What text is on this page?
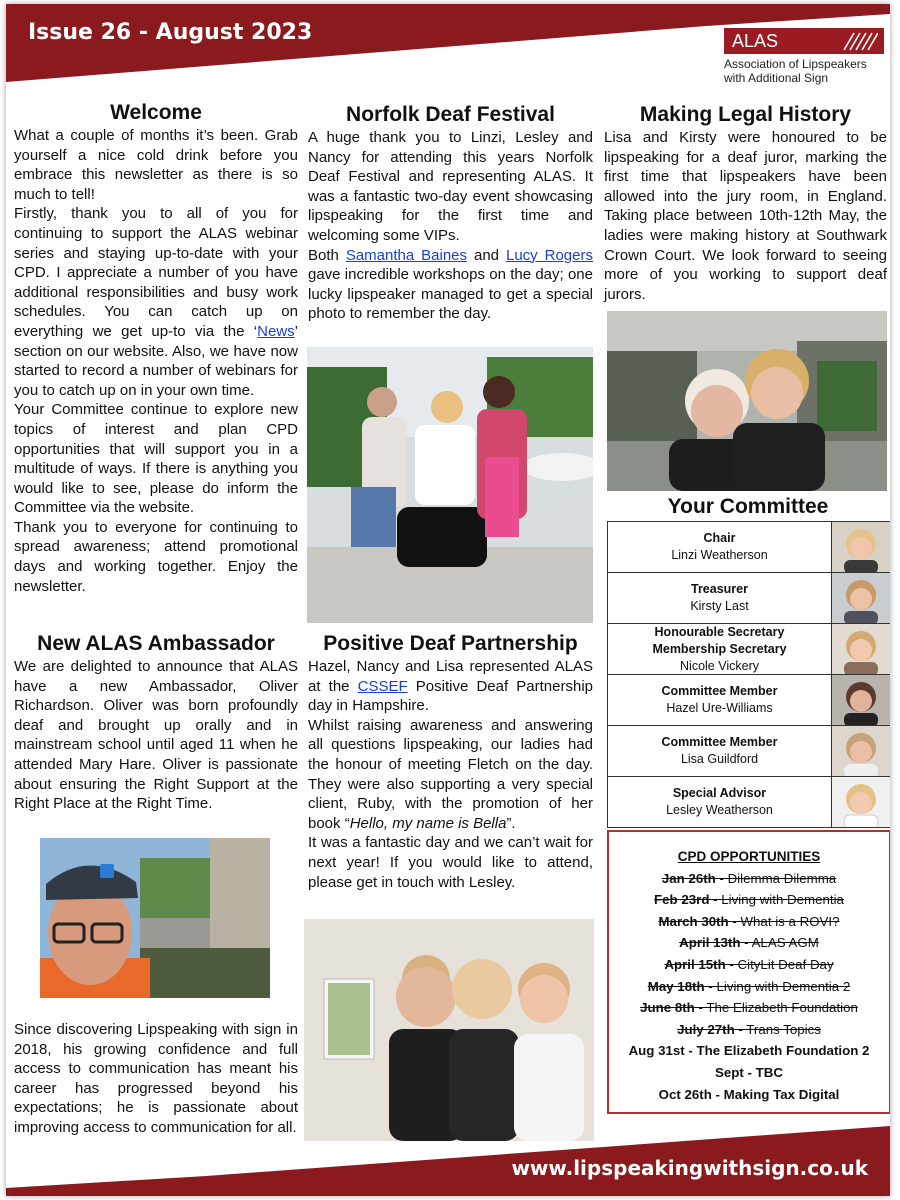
Issue 26 - August 2023	ALAS
Association of Lipspeakers with Additional Sign
Welcome

What a couple of months it’s been. Grab yourself a nice cold drink before you embrace this newsletter as there is so much to tell!

Firstly, thank you to all of you for continuing to support the ALAS webinar series and staying up-to-date with your CPD. I appreciate a number of you have additional responsibilities and busy work schedules. You can catch up on everything we get up-to via the ‘News’ section on our website. Also, we have now started to record a number of webinars for you to catch up on in your own time.

Your Committee continue to explore new topics of interest and plan CPD opportunities that will support you in a multitude of ways. If there is anything you would like to see, please do inform the Committee via the website.

Thank you to everyone for continuing to spread awareness; attend promotional days and working together. Enjoy the newsletter.

New ALAS Ambassador

We are delighted to announce that ALAS have a new Ambassador, Oliver Richardson. Oliver was born profoundly deaf and brought up orally and in mainstream school until aged 11 when he attended Mary Hare. Oliver is passionate about ensuring the Right Support at the Right Place at the Right Time.

Since discovering Lipspeaking with sign in 2018, his growing confidence and full access to communication has meant his career has progressed beyond his expectations; he is passionate about improving access to communication for all.

Norfolk Deaf Festival

A huge thank you to Linzi, Lesley and Nancy for attending this years Norfolk Deaf Festival and representing ALAS. It was a fantastic two-day event showcasing lipspeaking for the first time and welcoming some VIPs.

Both Samantha Baines and Lucy Rogers gave incredible workshops on the day; one lucky lipspeaker managed to get a special photo to remember the day.

Positive Deaf Partnership

Hazel, Nancy and Lisa represented ALAS at the CSSEF Positive Deaf Partnership day in Hampshire.

Whilst raising awareness and answering all questions lipspeaking, our ladies had the honour of meeting Fletch on the day. They were also supporting a very special client, Ruby, with the promotion of her book “Hello, my name is Bella”.

It was a fantastic day and we can’t wait for next year! If you would like to attend, please get in touch with Lesley.

Making Legal History

Lisa and Kirsty were honoured to be lipspeaking for a deaf juror, marking the first time that lipspeakers have been allowed into the jury room, in England. Taking place between 10th-12th May, the ladies were making history at Southwark Crown Court. We look forward to seeing more of you working to support deaf jurors.

Your Committee
Chair
Linzi Weatherson
Treasurer
Kirsty Last
Honourable Secretary
Membership Secretary
Nicole Vickery
Committee Member
Hazel Ure-Williams
Committee Member
Lisa Guildford
Special Advisor
Lesley Weatherson
CPD OPPORTUNITIES
Jan 26th - Dilemma Dilemma
Feb 23rd - Living with Dementia
March 30th - What is a ROVI?
April 13th - ALAS AGM
April 15th - CityLit Deaf Day
May 18th - Living with Dementia 2
June 8th - The Elizabeth Foundation
July 27th - Trans Topics
Aug 31st - The Elizabeth Foundation 2
Sept - TBC
Oct 26th - Making Tax Digital
www.lipspeakingwithsign.co.uk
